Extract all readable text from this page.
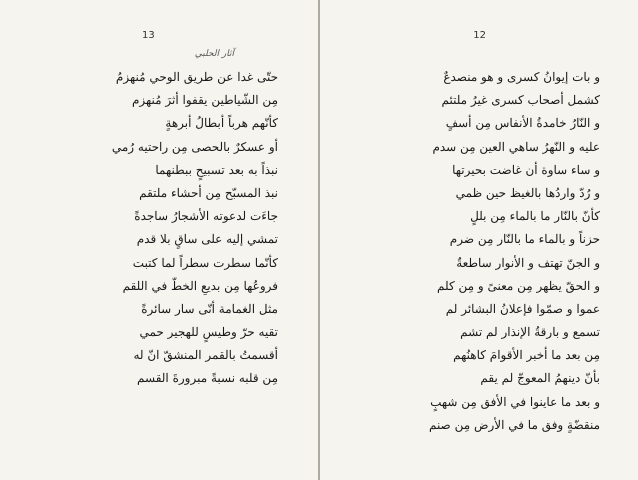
13
آثار الحلبي
حتّى غدا عن طريق الوحي مُنهزمُ
مِن الشّياطين يقفوا أثرَ مُنهزم
كأنّهم هرباً أبطالُ أبرهةٍ
أو عسكرٌ بالحصى مِن راحتيه رُمي
نبذاً به بعد تسبيحٍ ببطنهما
نبذ المسبّح مِن أحشاء ملتقم
جاءَت لدعوته الأشجارُ ساجدةً
تمشي إليه على ساقٍ بلا قدم
كأنّما سطرت سطراً لما كتبت
فروعُها مِن بديعِ الخطّ في اللقم
مثل الغمامة أنّى سار سائرةً
تقيه حرّ وطيسٍ للهجير حمي
أقسمتُ بالقمر المنشقّ انّ له
مِن قلبه نسبةً مبرورةَ القسم
12
و بات إيوانُ كسرى و هو منصدعٌ
كشمل أصحاب كسرى غيرُ ملتئم
و النّارُ خامدةُ الأنفاس مِن أسفٍ
عليه و النّهرُ ساهي العين مِن سدم
و ساء ساوة أن غاضت بحيرتها
و رُدّ واردُها بالغيظ حين ظمي
كأنّ بالنّار ما بالماء مِن بللٍ
حزناً و بالماء ما بالنّار مِن ضرم
و الجنّ تهتف و الأنوار ساطعةٌ
و الحقّ يظهر مِن معنىً و مِن كلم
عموا و صمّوا فإعلانُ البشائر لم
تسمع و بارقةُ الإنذار لم تشم
مِن بعد ما أخبر الأقوامَ كاهنُهم
بأنّ دينهمُ المعوجّ لم يقم
و بعد ما عاينوا في الأفق مِن شهبٍ
منقضّةٍ وفق ما في الأرض مِن صنم
